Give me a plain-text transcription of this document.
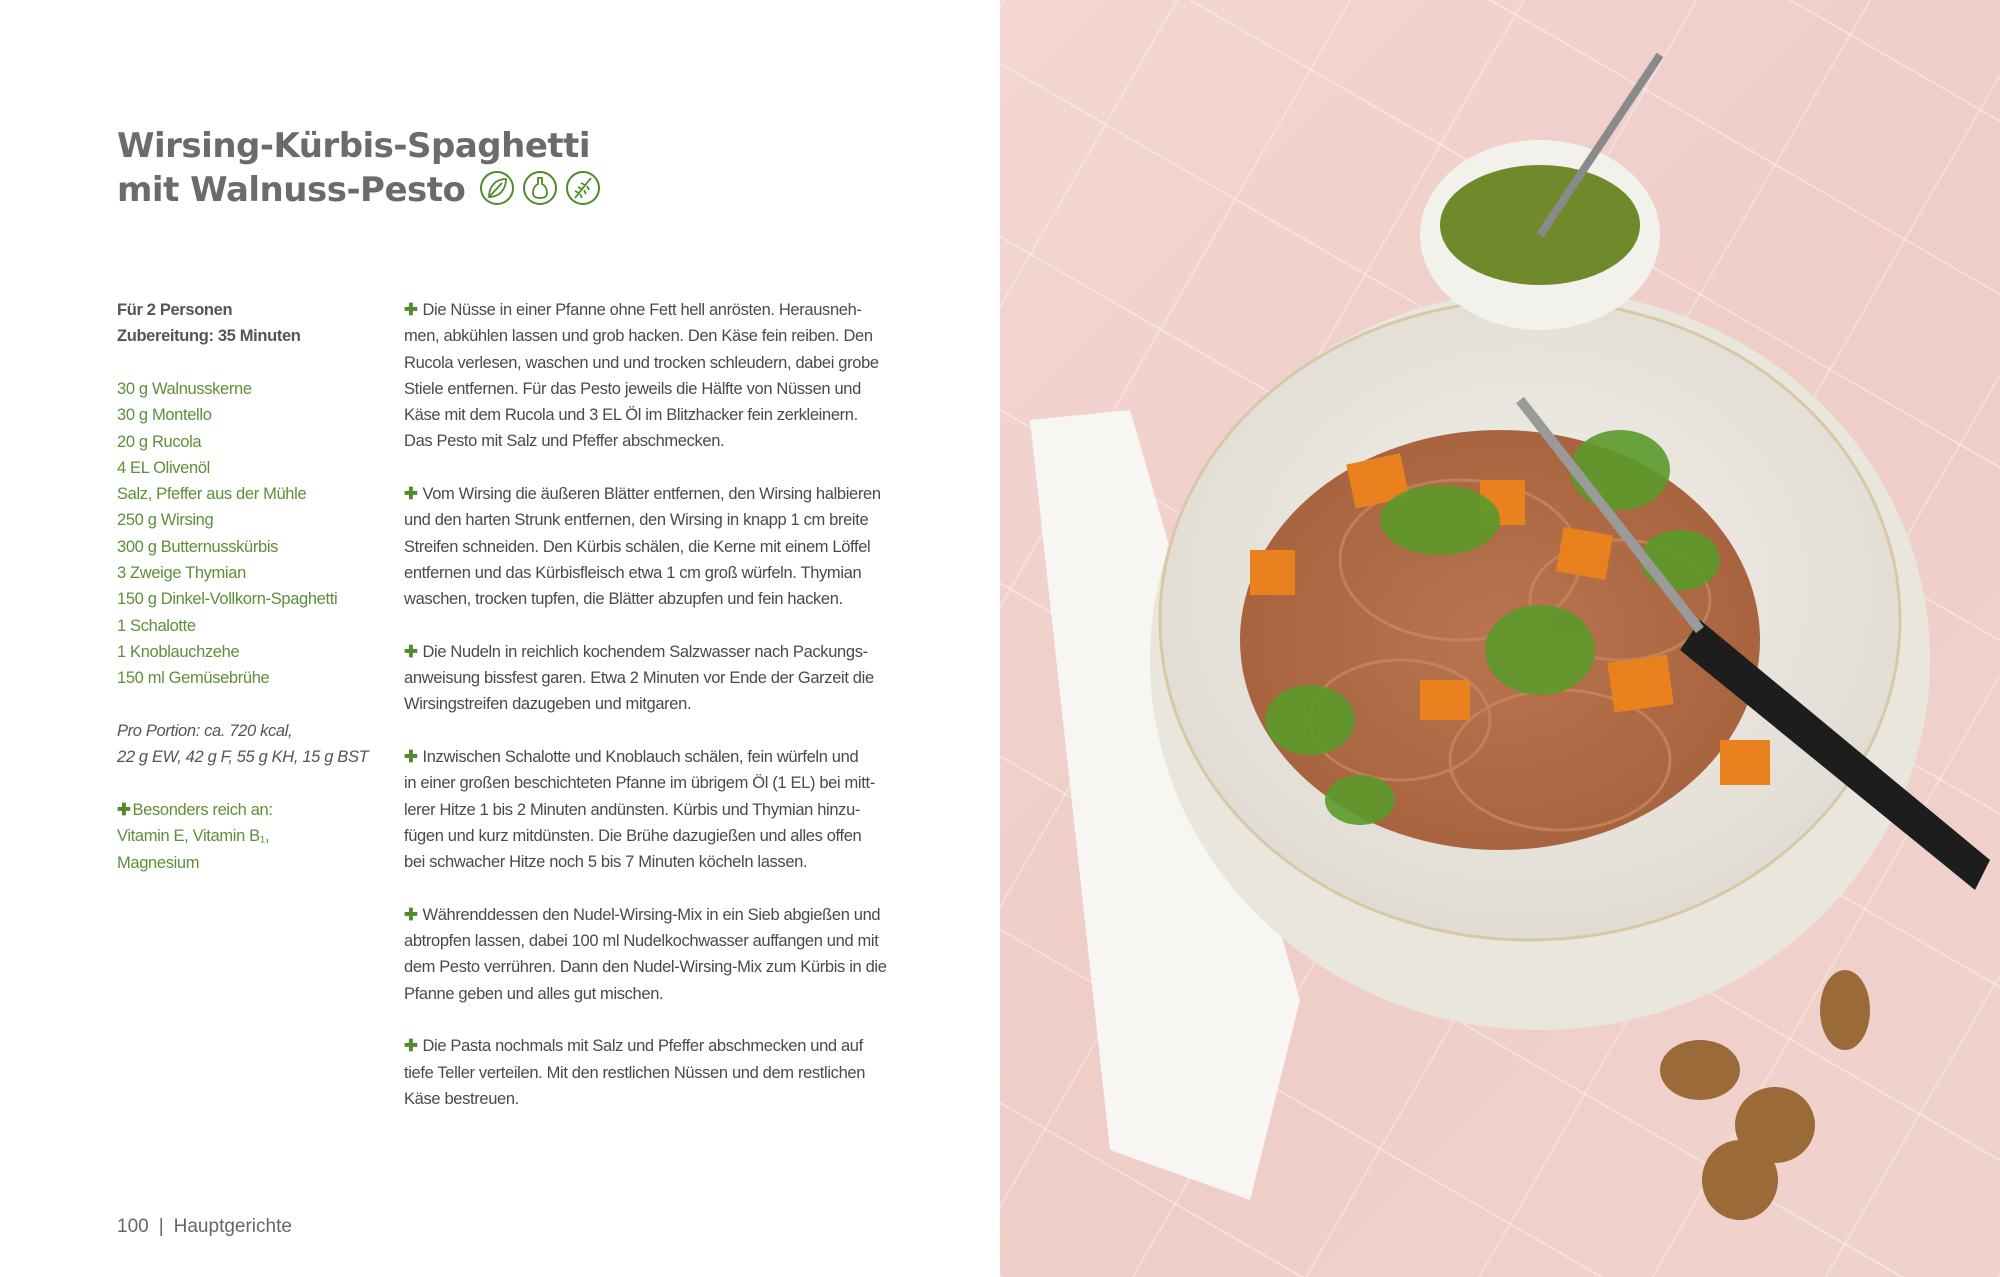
Wirsing-Kürbis-Spaghetti
mit Walnuss-Pesto
Für 2 Personen
Zubereitung: 35 Minuten
30 g Walnusskerne
30 g Montello
20 g Rucola
4 EL Olivenöl
Salz, Pfeffer aus der Mühle
250 g Wirsing
300 g Butternusskürbis
3 Zweige Thymian
150 g Dinkel-Vollkorn-Spaghetti
1 Schalotte
1 Knoblauchzehe
150 ml Gemüsebrühe
Pro Portion: ca. 720 kcal,
22 g EW, 42 g F, 55 g KH, 15 g BST
✚ Besonders reich an:
Vitamin E, Vitamin B₁,
Magnesium
✚ Die Nüsse in einer Pfanne ohne Fett hell anrösten. Herausneh-
men, abkühlen lassen und grob hacken. Den Käse fein reiben. Den
Rucola verlesen, waschen und und trocken schleudern, dabei grobe
Stiele entfernen. Für das Pesto jeweils die Hälfte von Nüssen und
Käse mit dem Rucola und 3 EL Öl im Blitzhacker fein zerkleinern.
Das Pesto mit Salz und Pfeffer abschmecken.
✚ Vom Wirsing die äußeren Blätter entfernen, den Wirsing halbieren
und den harten Strunk entfernen, den Wirsing in knapp 1 cm breite
Streifen schneiden. Den Kürbis schälen, die Kerne mit einem Löffel
entfernen und das Kürbisfleisch etwa 1 cm groß würfeln. Thymian
waschen, trocken tupfen, die Blätter abzupfen und fein hacken.
✚ Die Nudeln in reichlich kochendem Salzwasser nach Packungs-
anweisung bissfest garen. Etwa 2 Minuten vor Ende der Garzeit die
Wirsingstreifen dazugeben und mitgaren.
✚ Inzwischen Schalotte und Knoblauch schälen, fein würfeln und
in einer großen beschichteten Pfanne im übrigem Öl (1 EL) bei mitt-
lerer Hitze 1 bis 2 Minuten andünsten. Kürbis und Thymian hinzu-
fügen und kurz mitdünsten. Die Brühe dazugießen und alles offen
bei schwacher Hitze noch 5 bis 7 Minuten köcheln lassen.
✚ Währenddessen den Nudel-Wirsing-Mix in ein Sieb abgießen und
abtropfen lassen, dabei 100 ml Nudelkochwasser auffangen und mit
dem Pesto verrühren. Dann den Nudel-Wirsing-Mix zum Kürbis in die
Pfanne geben und alles gut mischen.
✚ Die Pasta nochmals mit Salz und Pfeffer abschmecken und auf
tiefe Teller verteilen. Mit den restlichen Nüssen und dem restlichen
Käse bestreuen.
100 | Hauptgerichte
